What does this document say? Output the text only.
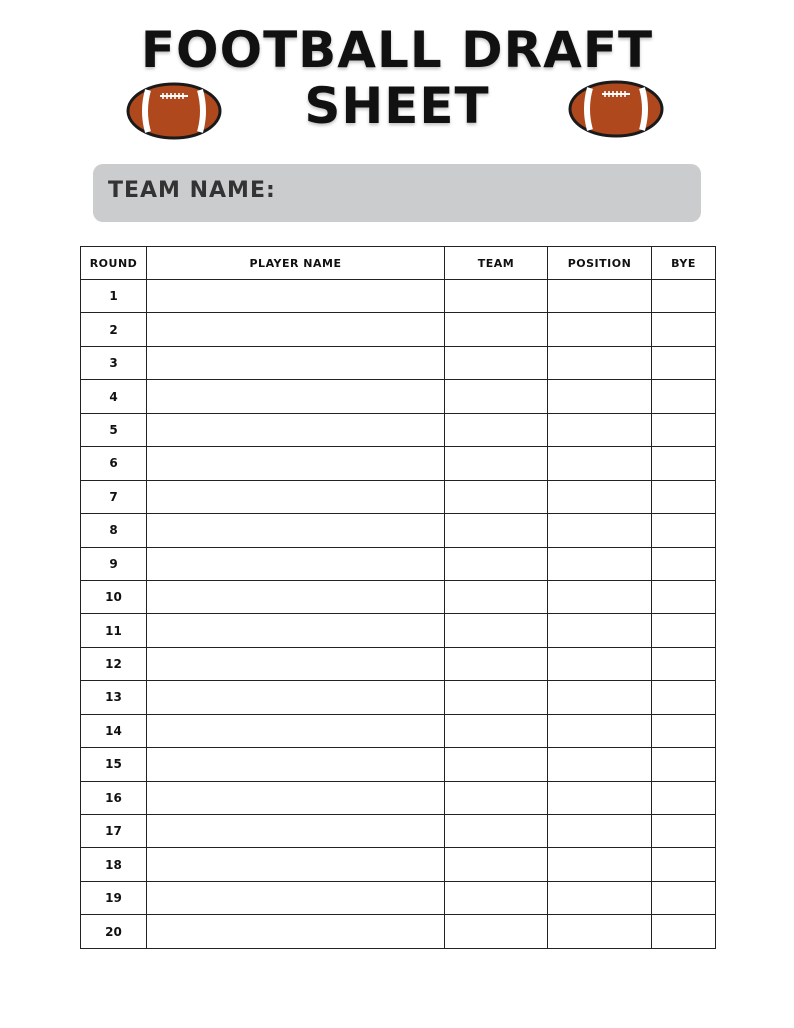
FOOTBALL DRAFT
SHEET
TEAM NAME:
ROUND	PLAYER NAME	TEAM	POSITION	BYE
1				
2				
3				
4				
5				
6				
7				
8				
9				
10				
11				
12				
13				
14				
15				
16				
17				
18				
19				
20				
